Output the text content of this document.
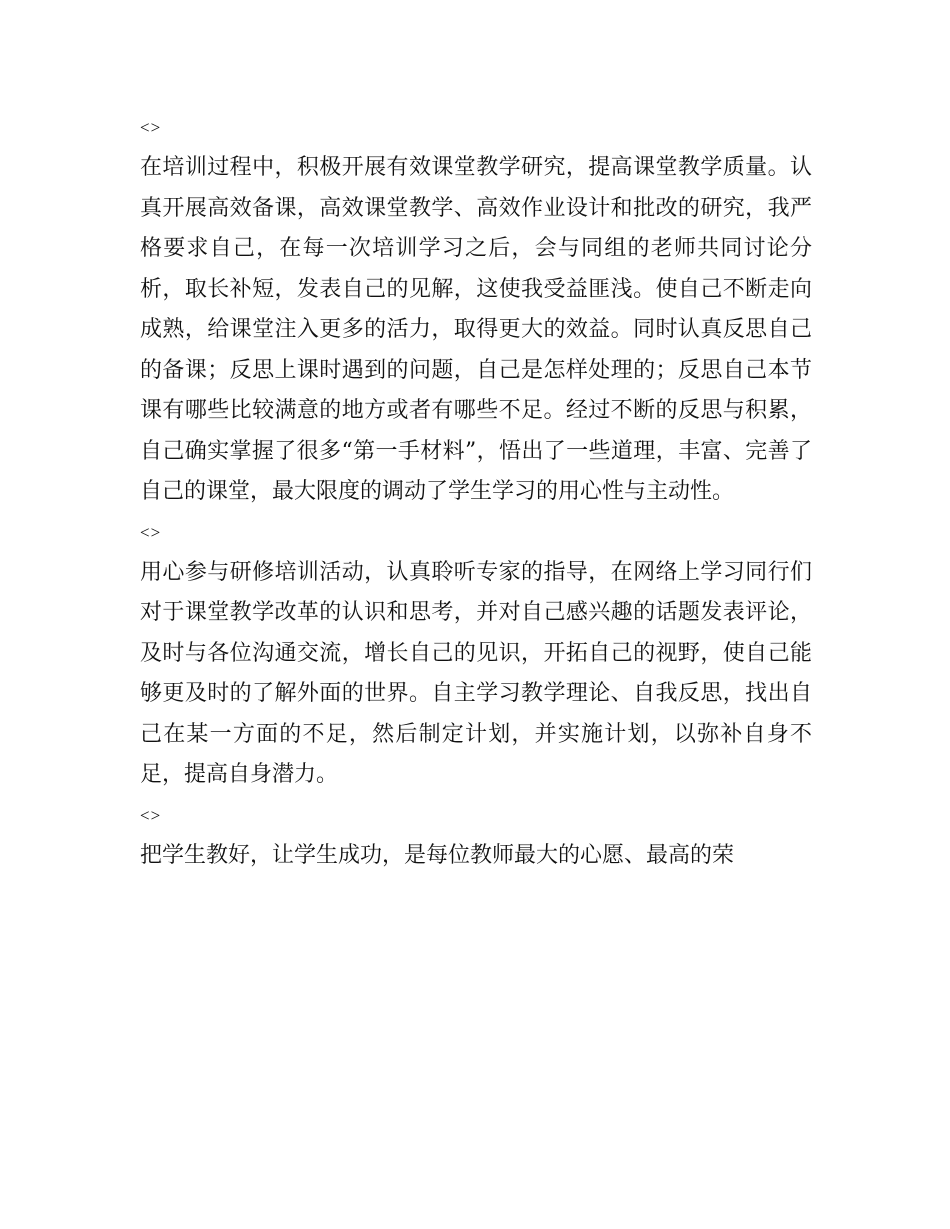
<>

在培训过程中，积极开展有效课堂教学研究，提高课堂教学质量。认真开展高效备课，高效课堂教学、高效作业设计和批改的研究，我严格要求自己，在每一次培训学习之后，会与同组的老师共同讨论分析，取长补短，发表自己的见解，这使我受益匪浅。使自己不断走向成熟，给课堂注入更多的活力，取得更大的效益。同时认真反思自己的备课；反思上课时遇到的问题，自己是怎样处理的；反思自己本节课有哪些比较满意的地方或者有哪些不足。经过不断的反思与积累，自己确实掌握了很多“第一手材料”，悟出了一些道理，丰富、完善了自己的课堂，最大限度的调动了学生学习的用心性与主动性。

<>

用心参与研修培训活动，认真聆听专家的指导，在网络上学习同行们对于课堂教学改革的认识和思考，并对自己感兴趣的话题发表评论，及时与各位沟通交流，增长自己的见识，开拓自己的视野，使自己能够更及时的了解外面的世界。自主学习教学理论、自我反思，找出自己在某一方面的不足，然后制定计划，并实施计划，以弥补自身不足，提高自身潜力。

<>

把学生教好，让学生成功，是每位教师最大的心愿、最高的荣
